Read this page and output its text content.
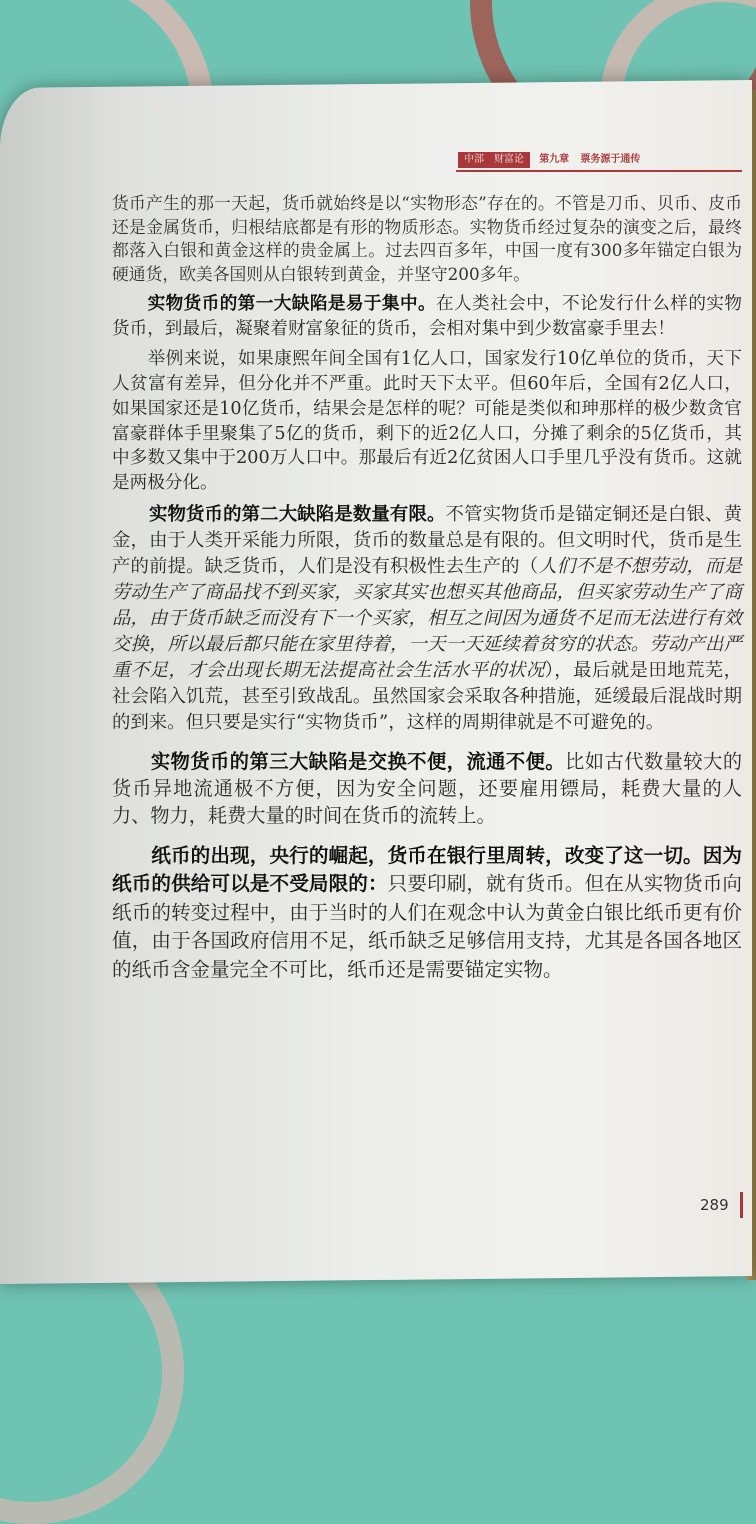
中部　财富论 第九章 票务源于通传

货币产生的那一天起，货币就始终是以“实物形态”存在的。不管是刀币、贝币、皮币还是金属货币，归根结底都是有形的物质形态。实物货币经过复杂的演变之后，最终都落入白银和黄金这样的贵金属上。过去四百多年，中国一度有300多年锚定白银为硬通货，欧美各国则从白银转到黄金，并坚守200多年。

实物货币的第一大缺陷是易于集中。在人类社会中，不论发行什么样的实物货币，到最后，凝聚着财富象征的货币，会相对集中到少数富豪手里去！

举例来说，如果康熙年间全国有1亿人口，国家发行10亿单位的货币，天下人贫富有差异，但分化并不严重。此时天下太平。但60年后，全国有2亿人口，如果国家还是10亿货币，结果会是怎样的呢？可能是类似和珅那样的极少数贪官富豪群体手里聚集了5亿的货币，剩下的近2亿人口，分摊了剩余的5亿货币，其中多数又集中于200万人口中。那最后有近2亿贫困人口手里几乎没有货币。这就是两极分化。

实物货币的第二大缺陷是数量有限。不管实物货币是锚定铜还是白银、黄金，由于人类开采能力所限，货币的数量总是有限的。但文明时代，货币是生产的前提。缺乏货币，人们是没有积极性去生产的（人们不是不想劳动，而是劳动生产了商品找不到买家，买家其实也想买其他商品，但买家劳动生产了商品，由于货币缺乏而没有下一个买家，相互之间因为通货不足而无法进行有效交换，所以最后都只能在家里待着，一天一天延续着贫穷的状态。劳动产出严重不足，才会出现长期无法提高社会生活水平的状况），最后就是田地荒芜，社会陷入饥荒，甚至引致战乱。虽然国家会采取各种措施，延缓最后混战时期的到来。但只要是实行“实物货币”，这样的周期律就是不可避免的。

实物货币的第三大缺陷是交换不便，流通不便。比如古代数量较大的货币异地流通极不方便，因为安全问题，还要雇用镖局，耗费大量的人力、物力，耗费大量的时间在货币的流转上。

纸币的出现，央行的崛起，货币在银行里周转，改变了这一切。因为纸币的供给可以是不受局限的：只要印刷，就有货币。但在从实物货币向纸币的转变过程中，由于当时的人们在观念中认为黄金白银比纸币更有价值，由于各国政府信用不足，纸币缺乏足够信用支持，尤其是各国各地区的纸币含金量完全不可比，纸币还是需要锚定实物。

289
